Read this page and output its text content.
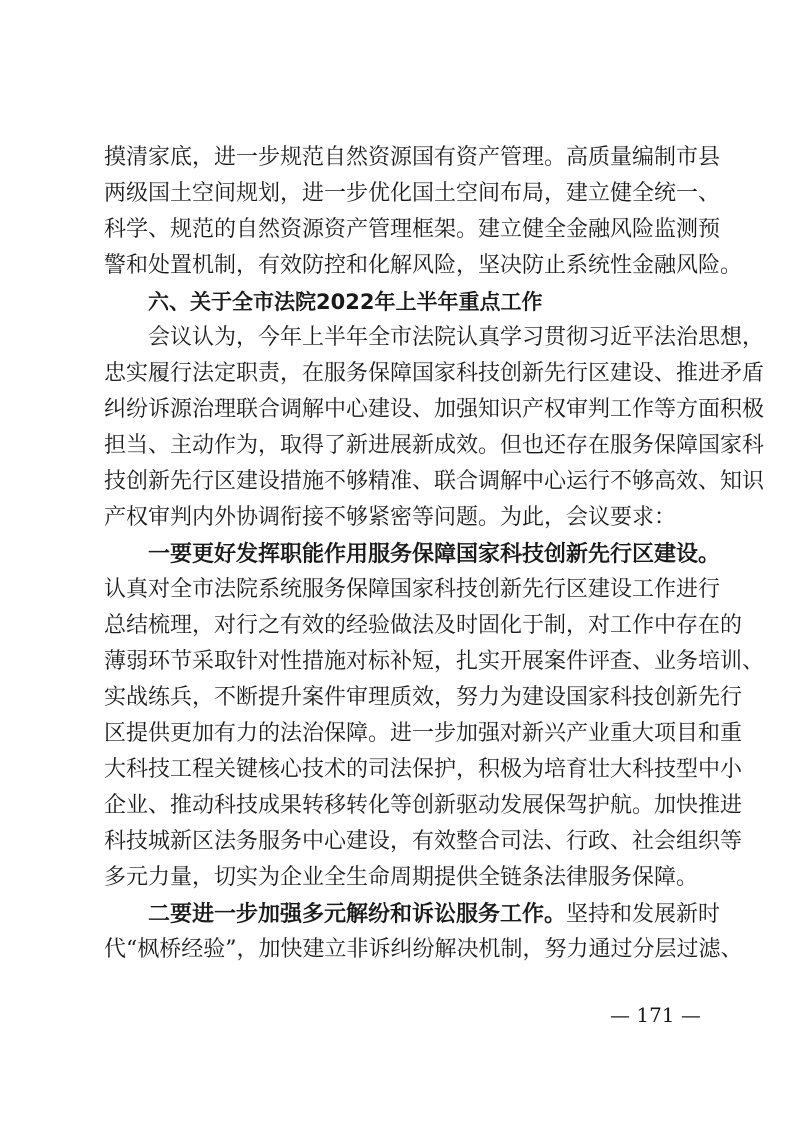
摸清家底，进一步规范自然资源国有资产管理。高质量编制市县
两级国土空间规划，进一步优化国土空间布局，建立健全统一、
科学、规范的自然资源资产管理框架。建立健全金融风险监测预
警和处置机制，有效防控和化解风险，坚决防止系统性金融风险。
六、关于全市法院2022年上半年重点工作
会议认为，今年上半年全市法院认真学习贯彻习近平法治思想，
忠实履行法定职责，在服务保障国家科技创新先行区建设、推进矛盾
纠纷诉源治理联合调解中心建设、加强知识产权审判工作等方面积极
担当、主动作为，取得了新进展新成效。但也还存在服务保障国家科
技创新先行区建设措施不够精准、联合调解中心运行不够高效、知识
产权审判内外协调衔接不够紧密等问题。为此，会议要求：
一要更好发挥职能作用服务保障国家科技创新先行区建设。
认真对全市法院系统服务保障国家科技创新先行区建设工作进行
总结梳理，对行之有效的经验做法及时固化于制，对工作中存在的
薄弱环节采取针对性措施对标补短，扎实开展案件评查、业务培训、
实战练兵，不断提升案件审理质效，努力为建设国家科技创新先行
区提供更加有力的法治保障。进一步加强对新兴产业重大项目和重
大科技工程关键核心技术的司法保护，积极为培育壮大科技型中小
企业、推动科技成果转移转化等创新驱动发展保驾护航。加快推进
科技城新区法务服务中心建设，有效整合司法、行政、社会组织等
多元力量，切实为企业全生命周期提供全链条法律服务保障。
二要进一步加强多元解纷和诉讼服务工作。坚持和发展新时
代“枫桥经验”，加快建立非诉纠纷解决机制，努力通过分层过滤、
— 171 —
